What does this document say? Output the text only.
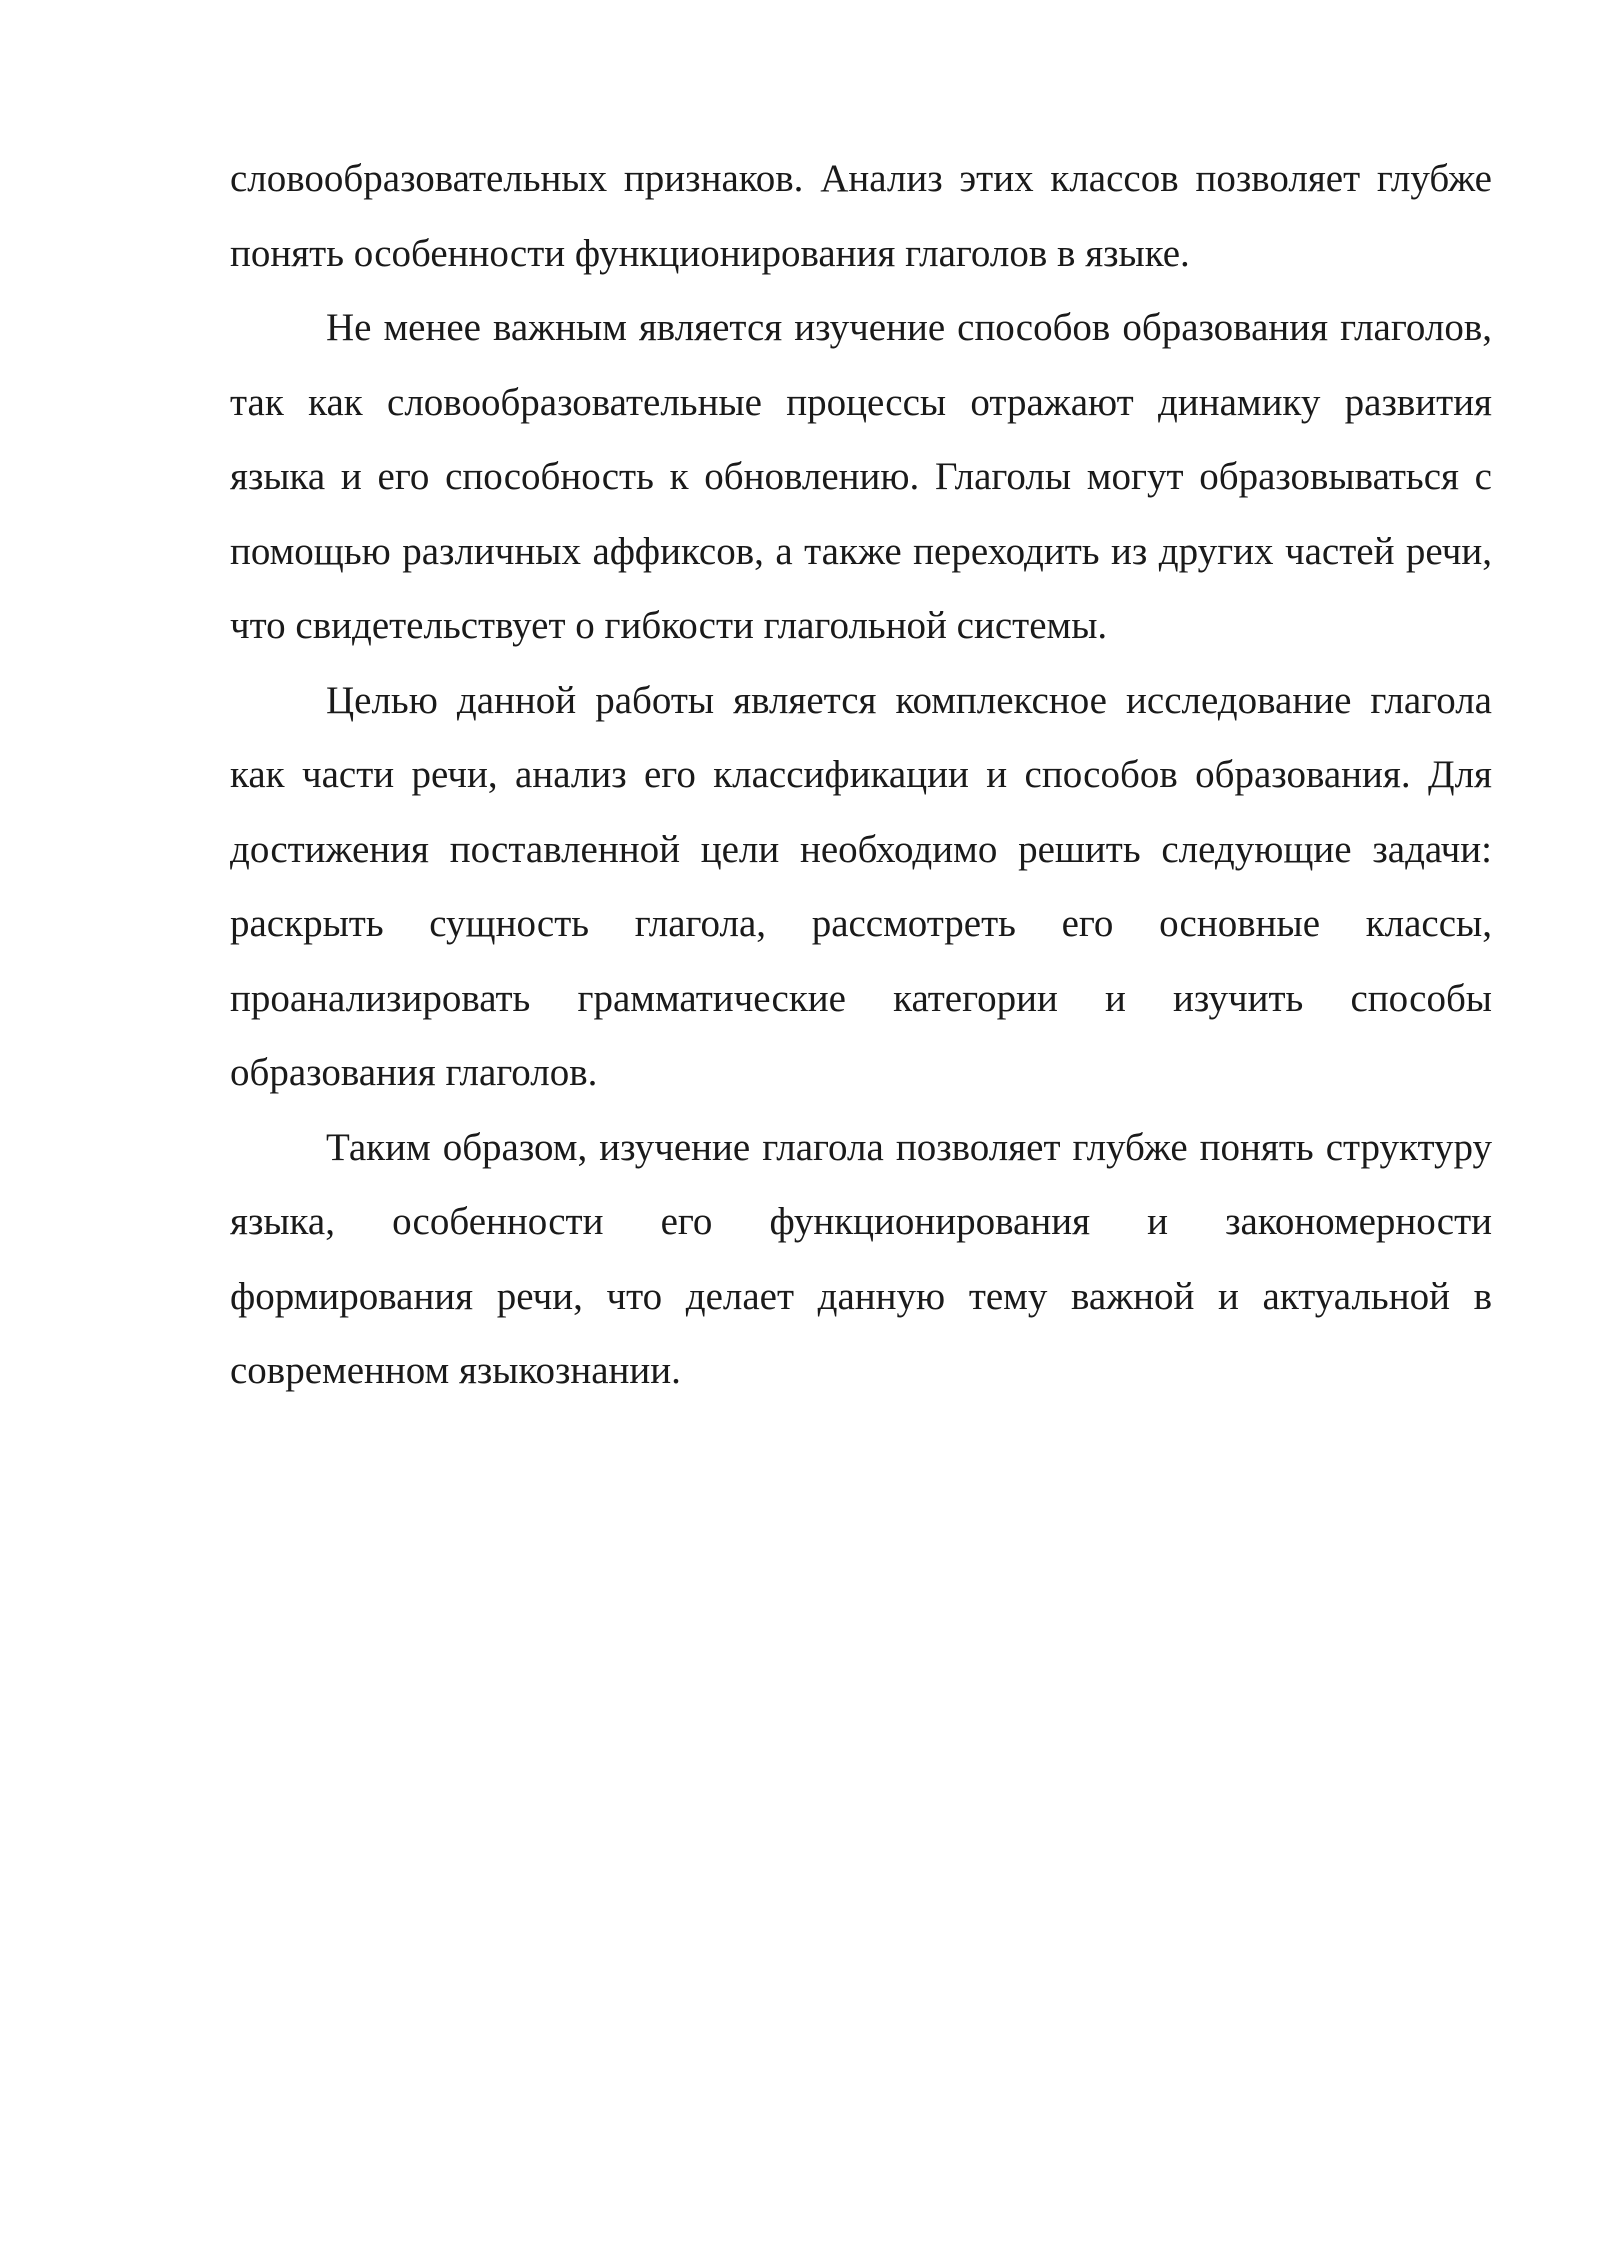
словообразовательных признаков. Анализ этих классов позволяет глубже понять особенности функционирования глаголов в языке.

Не менее важным является изучение способов образования глаголов, так как словообразовательные процессы отражают динамику развития языка и его способность к обновлению. Глаголы могут образовываться с помощью различных аффиксов, а также переходить из других частей речи, что свидетельствует о гибкости глагольной системы.

Целью данной работы является комплексное исследование глагола как части речи, анализ его классификации и способов образования. Для достижения поставленной цели необходимо решить следующие задачи: раскрыть сущность глагола, рассмотреть его основные классы, проанализировать грамматические категории и изучить способы образования глаголов.

Таким образом, изучение глагола позволяет глубже понять структуру языка, особенности его функционирования и закономерности формирования речи, что делает данную тему важной и актуальной в современном языкознании.
